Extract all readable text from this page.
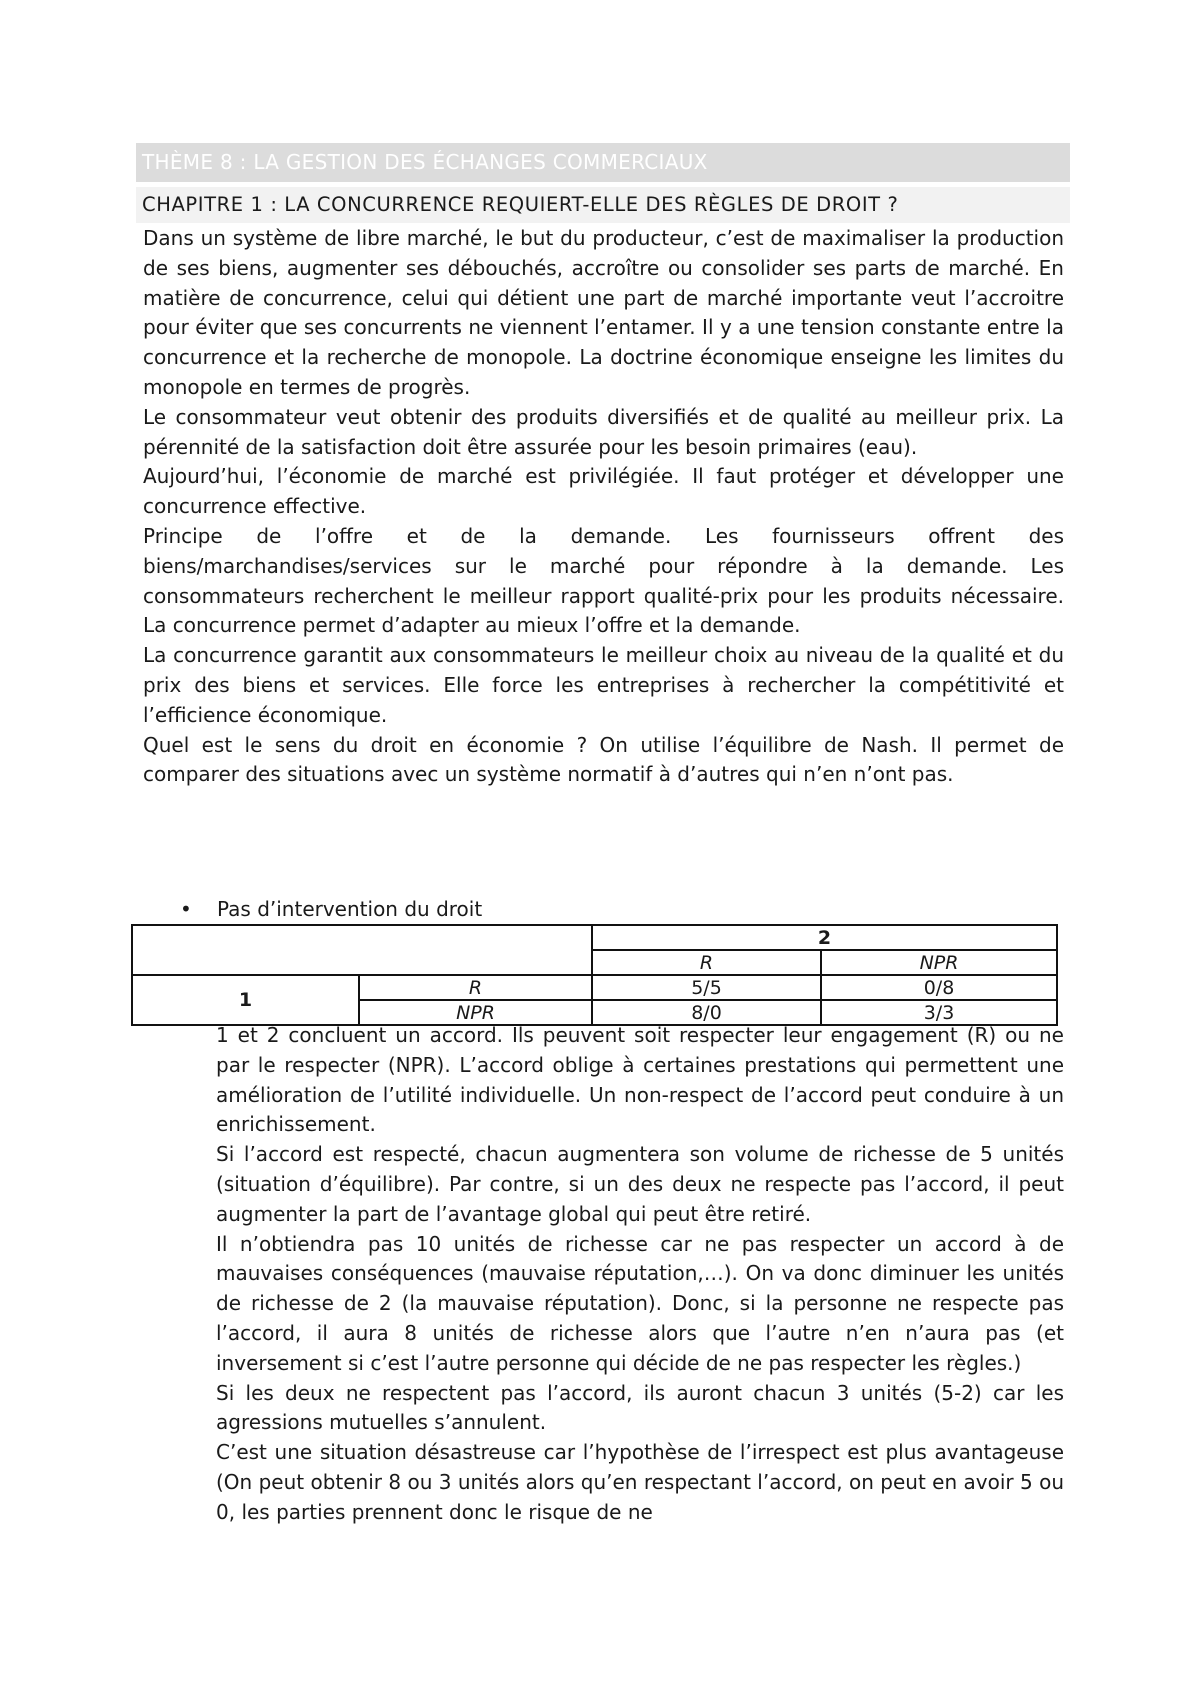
THÈME 8 : LA GESTION DES ÉCHANGES COMMERCIAUX
CHAPITRE 1 : LA CONCURRENCE REQUIERT-ELLE DES RÈGLES DE DROIT ?

Dans un système de libre marché, le but du producteur, c’est de maximaliser la production de ses biens, augmenter ses débouchés, accroître ou consolider ses parts de marché. En matière de concurrence, celui qui détient une part de marché importante veut l’accroitre pour éviter que ses concurrents ne viennent l’entamer. Il y a une tension constante entre la concurrence et la recherche de monopole. La doctrine économique enseigne les limites du monopole en termes de progrès.

Le consommateur veut obtenir des produits diversifiés et de qualité au meilleur prix. La pérennité de la satisfaction doit être assurée pour les besoin primaires (eau).

Aujourd’hui, l’économie de marché est privilégiée. Il faut protéger et développer une concurrence effective.

Principe de l’offre et de la demande. Les fournisseurs offrent des biens/marchandises/services sur le marché pour répondre à la demande. Les consommateurs recherchent le meilleur rapport qualité-prix pour les produits nécessaire. La concurrence permet d’adapter au mieux l’offre et la demande.

La concurrence garantit aux consommateurs le meilleur choix au niveau de la qualité et du prix des biens et services. Elle force les entreprises à rechercher la compétitivité et l’efficience économique.

Quel est le sens du droit en économie ? On utilise l’équilibre de Nash. Il permet de comparer des situations avec un système normatif à d’autres qui n’en n’ont pas.

• Pas d’intervention du droit
		2	
		R	NPR
1	R	5/5	0/8
	NPR	8/0	3/3

1 et 2 concluent un accord. Ils peuvent soit respecter leur engagement (R) ou ne par le respecter (NPR). L’accord oblige à certaines prestations qui permettent une amélioration de l’utilité individuelle. Un non-respect de l’accord peut conduire à un enrichissement.

Si l’accord est respecté, chacun augmentera son volume de richesse de 5 unités (situation d’équilibre). Par contre, si un des deux ne respecte pas l’accord, il peut augmenter la part de l’avantage global qui peut être retiré.

Il n’obtiendra pas 10 unités de richesse car ne pas respecter un accord à de mauvaises conséquences (mauvaise réputation,…). On va donc diminuer les unités de richesse de 2 (la mauvaise réputation). Donc, si la personne ne respecte pas l’accord, il aura 8 unités de richesse alors que l’autre n’en n’aura pas (et inversement si c’est l’autre personne qui décide de ne pas respecter les règles.)

Si les deux ne respectent pas l’accord, ils auront chacun 3 unités (5-2) car les agressions mutuelles s’annulent.

C’est une situation désastreuse car l’hypothèse de l’irrespect est plus avantageuse (On peut obtenir 8 ou 3 unités alors qu’en respectant l’accord, on peut en avoir 5 ou 0, les parties prennent donc le risque de ne
